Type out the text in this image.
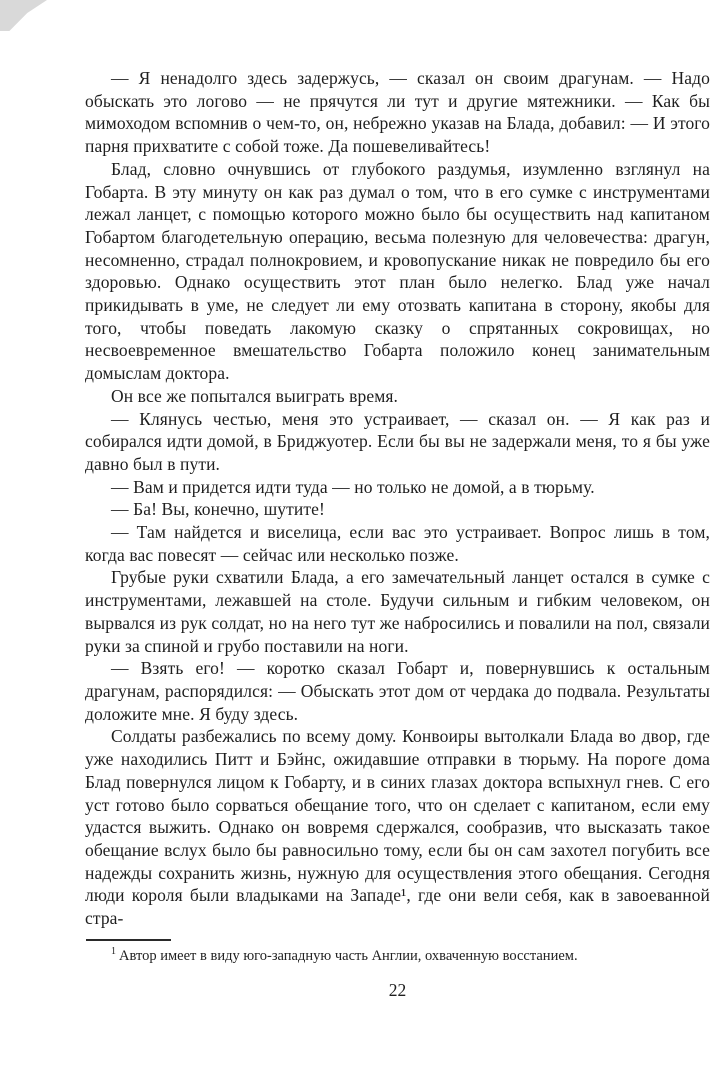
— Я ненадолго здесь задержусь, — сказал он своим драгунам. — Надо обыскать это логово — не прячутся ли тут и другие мятежники. — Как бы мимоходом вспомнив о чем-то, он, небрежно указав на Блада, добавил: — И этого парня прихватите с собой тоже. Да пошевеливайтесь!

Блад, словно очнувшись от глубокого раздумья, изумленно взглянул на Гобарта. В эту минуту он как раз думал о том, что в его сумке с инструментами лежал ланцет, с помощью которого можно было бы осуществить над капитаном Гобартом благодетельную операцию, весьма полезную для человечества: драгун, несомненно, страдал полнокровием, и кровопускание никак не повредило бы его здоровью. Однако осуществить этот план было нелегко. Блад уже начал прикидывать в уме, не следует ли ему отозвать капитана в сторону, якобы для того, чтобы поведать лакомую сказку о спрятанных сокровищах, но несвоевременное вмешательство Гобарта положило конец занимательным домыслам доктора.

Он все же попытался выиграть время.

— Клянусь честью, меня это устраивает, — сказал он. — Я как раз и собирался идти домой, в Бриджуотер. Если бы вы не задержали меня, то я бы уже давно был в пути.

— Вам и придется идти туда — но только не домой, а в тюрьму.

— Ба! Вы, конечно, шутите!

— Там найдется и виселица, если вас это устраивает. Вопрос лишь в том, когда вас повесят — сейчас или несколько позже.

Грубые руки схватили Блада, а его замечательный ланцет остался в сумке с инструментами, лежавшей на столе. Будучи сильным и гибким человеком, он вырвался из рук солдат, но на него тут же набросились и повалили на пол, связали руки за спиной и грубо поставили на ноги.

— Взять его! — коротко сказал Гобарт и, повернувшись к остальным драгунам, распорядился: — Обыскать этот дом от чердака до подвала. Результаты доложите мне. Я буду здесь.

Солдаты разбежались по всему дому. Конвоиры вытолкали Блада во двор, где уже находились Питт и Бэйнс, ожидавшие отправки в тюрьму. На пороге дома Блад повернулся лицом к Гобарту, и в синих глазах доктора вспыхнул гнев. С его уст готово было сорваться обещание того, что он сделает с капитаном, если ему удастся выжить. Однако он вовремя сдержался, сообразив, что высказать такое обещание вслух было бы равносильно тому, если бы он сам захотел погубить все надежды сохранить жизнь, нужную для осуществления этого обещания. Сегодня люди короля были владыками на Западе¹, где они вели себя, как в завоеванной стра-

$^1$ Автор имеет в виду юго-западную часть Англии, охваченную восстанием.
22
